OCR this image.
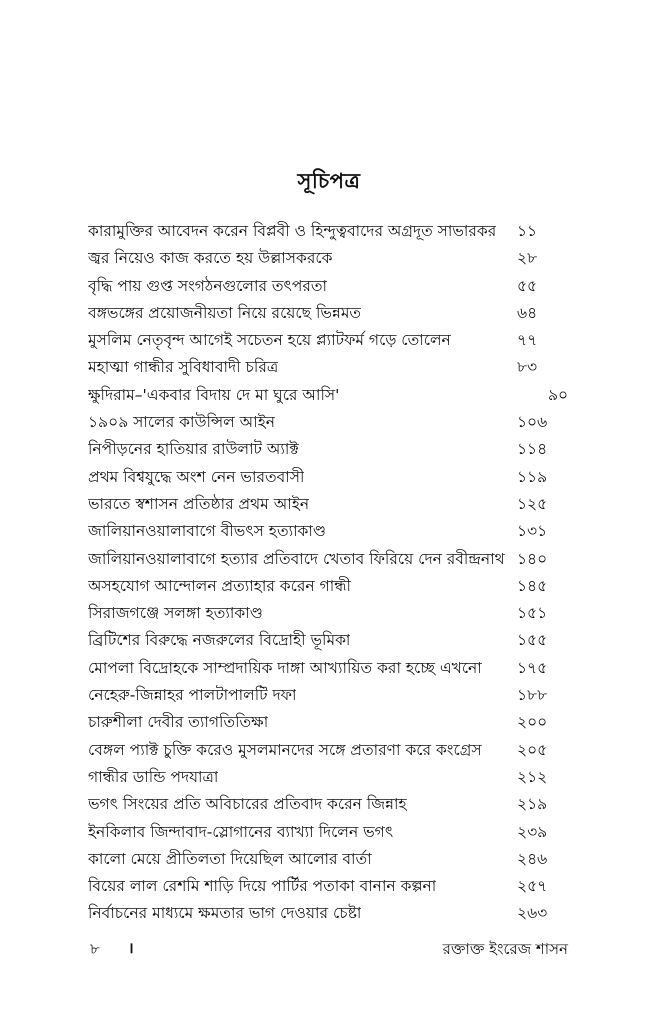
সূচিপত্র
কারামুক্তির আবেদন করেন বিপ্লবী ও হিন্দুত্ববাদের অগ্রদূত সাভারকর ১১
জ্বর নিয়েও কাজ করতে হয় উল্লাসকরকে	২৮
বৃদ্ধি পায় গুপ্ত সংগঠনগুলোর তৎপরতা	৫৫
বঙ্গভঙ্গের প্রয়োজনীয়তা নিয়ে রয়েছে ভিন্নমত	৬৪
মুসলিম নেতৃবৃন্দ আগেই সচেতন হয়ে প্ল্যাটফর্ম গড়ে তোলেন	৭৭
মহাত্মা গান্ধীর সুবিধাবাদী চরিত্র	৮৩
ক্ষুদিরাম–'একবার বিদায় দে মা ঘুরে আসি'	৯০
১৯০৯ সালের কাউন্সিল আইন	১০৬
নিপীড়নের হাতিয়ার রাউলাট অ্যাক্ট	১১৪
প্রথম বিশ্বযুদ্ধে অংশ নেন ভারতবাসী	১১৯
ভারতে স্বশাসন প্রতিষ্ঠার প্রথম আইন	১২৫
জালিয়ানওয়ালাবাগে বীভৎস হত্যাকাণ্ড	১৩১
জালিয়ানওয়ালাবাগে হত্যার প্রতিবাদে খেতাব ফিরিয়ে দেন রবীন্দ্রনাথ ১৪০
অসহযোগ আন্দোলন প্রত্যাহার করেন গান্ধী	১৪৫
সিরাজগঞ্জে সলঙ্গা হত্যাকাণ্ড	১৫১
ব্রিটিশের বিরুদ্ধে নজরুলের বিদ্রোহী ভূমিকা	১৫৫
মোপলা বিদ্রোহকে সাম্প্রদায়িক দাঙ্গা আখ্যায়িত করা হচ্ছে এখনো ১৭৫
নেহেরু-জিন্নাহর পালটাপালটি দফা	১৮৮
চারুশীলা দেবীর ত্যাগতিতিক্ষা	২০০
বেঙ্গল প্যাক্ট চুক্তি করেও মুসলমানদের সঙ্গে প্রতারণা করে কংগ্রেস ২০৫
গান্ধীর ডান্ডি পদযাত্রা	২১২
ভগৎ সিংয়ের প্রতি অবিচারের প্রতিবাদ করেন জিন্নাহ	২১৯
ইনকিলাব জিন্দাবাদ-স্লোগানের ব্যাখ্যা দিলেন ভগৎ	২৩৯
কালো মেয়ে প্রীতিলতা দিয়েছিল আলোর বার্তা	২৪৬
বিয়ের লাল রেশমি শাড়ি দিয়ে পার্টির পতাকা বানান কল্পনা	২৫৭
নির্বাচনের মাধ্যমে ক্ষমতার ভাগ দেওয়ার চেষ্টা	২৬৩
৮ ।	রক্তাক্ত ইংরেজ শাসন
